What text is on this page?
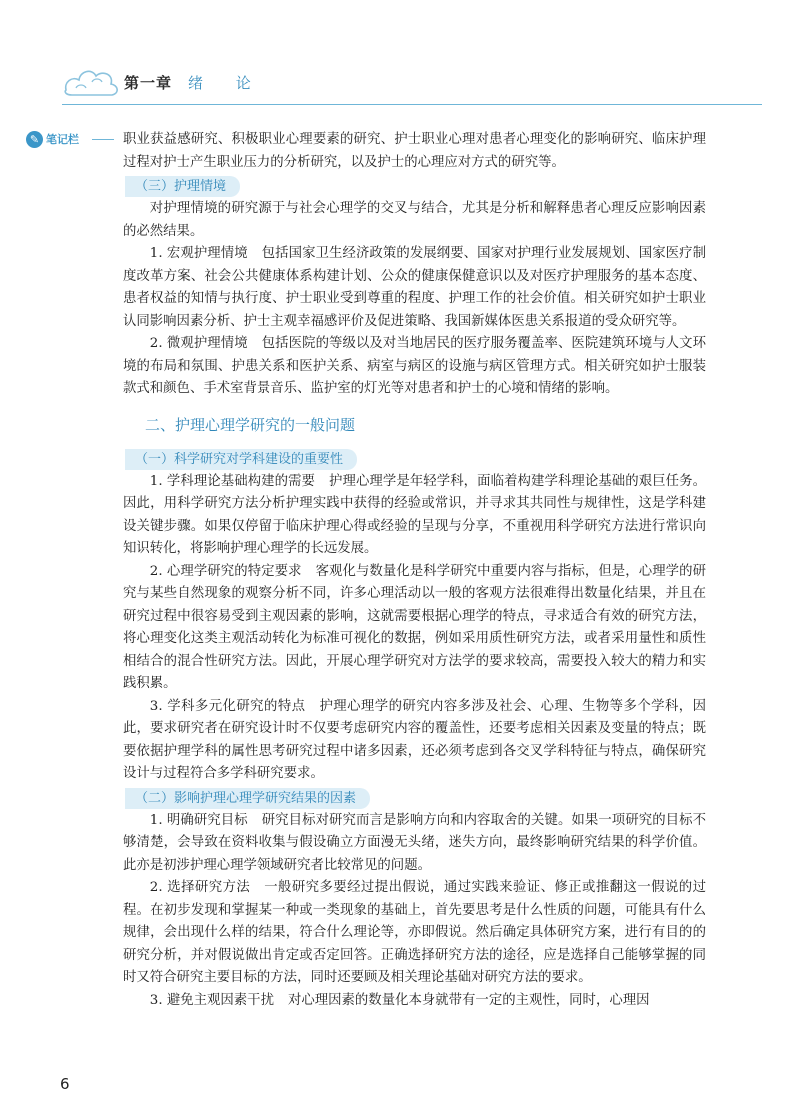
第一章 绪 论
✎ 笔记栏	职业获益感研究、积极职业心理要素的研究、护士职业心理对患者心理变化的影响研究、临床护理过程对护士产生职业压力的分析研究，以及护士的心理应对方式的研究等。

（三）护理情境

对护理情境的研究源于与社会心理学的交叉与结合，尤其是分析和解释患者心理反应影响因素的必然结果。

1. 宏观护理情境 包括国家卫生经济政策的发展纲要、国家对护理行业发展规划、国家医疗制度改革方案、社会公共健康体系构建计划、公众的健康保健意识以及对医疗护理服务的基本态度、患者权益的知情与执行度、护士职业受到尊重的程度、护理工作的社会价值。相关研究如护士职业认同影响因素分析、护士主观幸福感评价及促进策略、我国新媒体医患关系报道的受众研究等。

2. 微观护理情境 包括医院的等级以及对当地居民的医疗服务覆盖率、医院建筑环境与人文环境的布局和氛围、护患关系和医护关系、病室与病区的设施与病区管理方式。相关研究如护士服装款式和颜色、手术室背景音乐、监护室的灯光等对患者和护士的心境和情绪的影响。

二、护理心理学研究的一般问题
（一）科学研究对学科建设的重要性

1. 学科理论基础构建的需要 护理心理学是年轻学科，面临着构建学科理论基础的艰巨任务。因此，用科学研究方法分析护理实践中获得的经验或常识，并寻求其共同性与规律性，这是学科建设关键步骤。如果仅停留于临床护理心得或经验的呈现与分享，不重视用科学研究方法进行常识向知识转化，将影响护理心理学的长远发展。

2. 心理学研究的特定要求 客观化与数量化是科学研究中重要内容与指标，但是，心理学的研究与某些自然现象的观察分析不同，许多心理活动以一般的客观方法很难得出数量化结果，并且在研究过程中很容易受到主观因素的影响，这就需要根据心理学的特点，寻求适合有效的研究方法，将心理变化这类主观活动转化为标准可视化的数据，例如采用质性研究方法，或者采用量性和质性相结合的混合性研究方法。因此，开展心理学研究对方法学的要求较高，需要投入较大的精力和实践积累。

3. 学科多元化研究的特点 护理心理学的研究内容多涉及社会、心理、生物等多个学科，因此，要求研究者在研究设计时不仅要考虑研究内容的覆盖性，还要考虑相关因素及变量的特点；既要依据护理学科的属性思考研究过程中诸多因素，还必须考虑到各交叉学科特征与特点，确保研究设计与过程符合多学科研究要求。

（二）影响护理心理学研究结果的因素

1. 明确研究目标 研究目标对研究而言是影响方向和内容取舍的关键。如果一项研究的目标不够清楚，会导致在资料收集与假设确立方面漫无头绪，迷失方向，最终影响研究结果的科学价值。此亦是初涉护理心理学领域研究者比较常见的问题。

2. 选择研究方法 一般研究多要经过提出假说，通过实践来验证、修正或推翻这一假说的过程。在初步发现和掌握某一种或一类现象的基础上，首先要思考是什么性质的问题，可能具有什么规律，会出现什么样的结果，符合什么理论等，亦即假说。然后确定具体研究方案，进行有目的的研究分析，并对假说做出肯定或否定回答。正确选择研究方法的途径，应是选择自己能够掌握的同时又符合研究主要目标的方法，同时还要顾及相关理论基础对研究方法的要求。

3. 避免主观因素干扰 对心理因素的数量化本身就带有一定的主观性，同时，心理因

6
